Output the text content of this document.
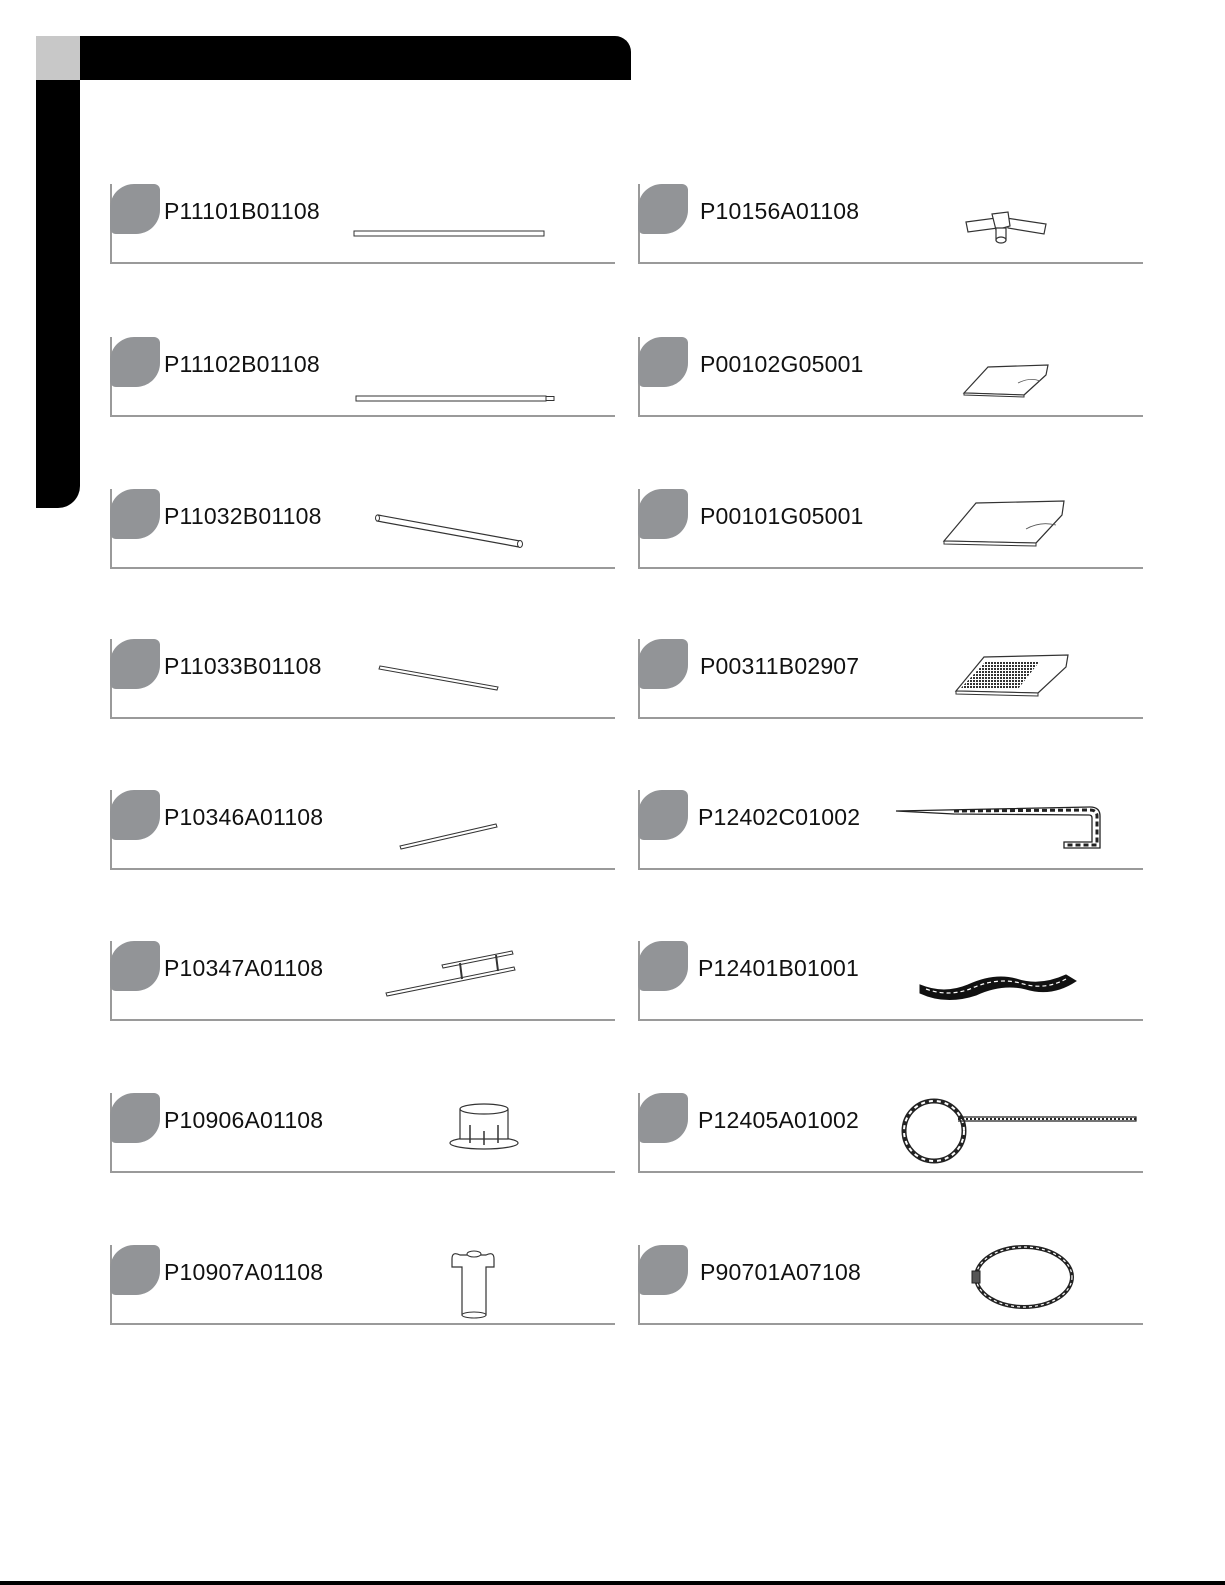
P11101B01108	P10156A01108
P11102B01108	P00102G05001
P11032B01108	P00101G05001
P11033B01108	P00311B02907
P10346A01108	P12402C01002
P10347A01108	P12401B01001
P10906A01108	P12405A01002
P10907A01108	P90701A07108
